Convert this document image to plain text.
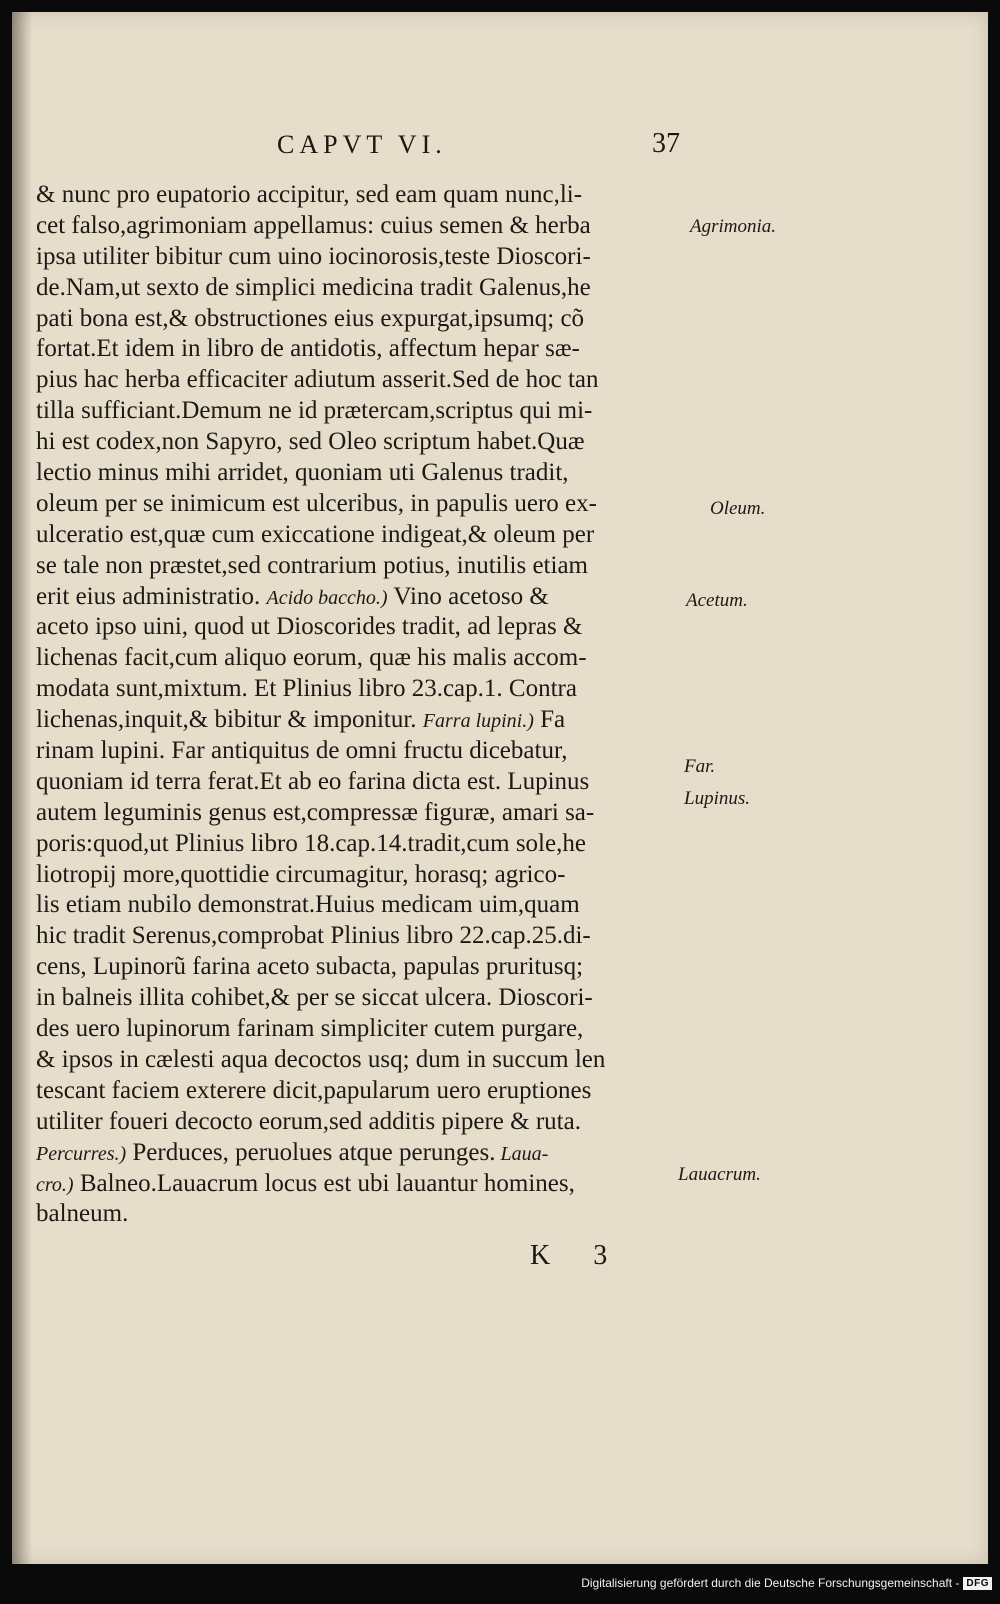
CAPVT VI.	37
& nunc pro eupatorio accipitur, sed eam quam nunc,li-
cet falso,agrimoniam appellamus: cuius semen & herba
ipsa utiliter bibitur cum uino iocinorosis,teste Dioscori-
de.Nam,ut sexto de simplici medicina tradit Galenus,he
pati bona est,& obstructiones eius expurgat,ipsumq; cõ
fortat.Et idem in libro de antidotis, affectum hepar sæ-
pius hac herba efficaciter adiutum asserit.Sed de hoc tan
tilla sufficiant.Demum ne id prætercam,scriptus qui mi-
hi est codex,non Sapyro, sed Oleo scriptum habet.Quæ
lectio minus mihi arridet, quoniam uti Galenus tradit,
oleum per se inimicum est ulceribus, in papulis uero ex-
ulceratio est,quæ cum exiccatione indigeat,& oleum per
se tale non præstet,sed contrarium potius, inutilis etiam
erit eius administratio. Acido baccho.) Vino acetoso &
aceto ipso uini, quod ut Dioscorides tradit, ad lepras &
lichenas facit,cum aliquo eorum, quæ his malis accom-
modata sunt,mixtum. Et Plinius libro 23.cap.1. Contra
lichenas,inquit,& bibitur & imponitur. Farra lupini.) Fa
rinam lupini. Far antiquitus de omni fructu dicebatur,
quoniam id terra ferat.Et ab eo farina dicta est. Lupinus
autem leguminis genus est,compressæ figuræ, amari sa-
poris:quod,ut Plinius libro 18.cap.14.tradit,cum sole,he
liotropij more,quottidie circumagitur, horasq; agrico-
lis etiam nubilo demonstrat.Huius medicam uim,quam
hic tradit Serenus,comprobat Plinius libro 22.cap.25.di-
cens, Lupinorũ farina aceto subacta, papulas pruritusq;
in balneis illita cohibet,& per se siccat ulcera. Dioscori-
des uero lupinorum farinam simpliciter cutem purgare,
& ipsos in cælesti aqua decoctos usq; dum in succum len
tescant faciem exterere dicit,papularum uero eruptiones
utiliter foueri decocto eorum,sed additis pipere & ruta.
Percurres.) Perduces, peruolues atque perunges. Laua-
cro.) Balneo.Lauacrum locus est ubi lauantur homines,
balneum.
Agrimonia.
Oleum.
Acetum.
Far.
Lupinus.
Lauacrum.
K 3
Digitalisierung gefördert durch die Deutsche Forschungsgemeinschaft - DFG
